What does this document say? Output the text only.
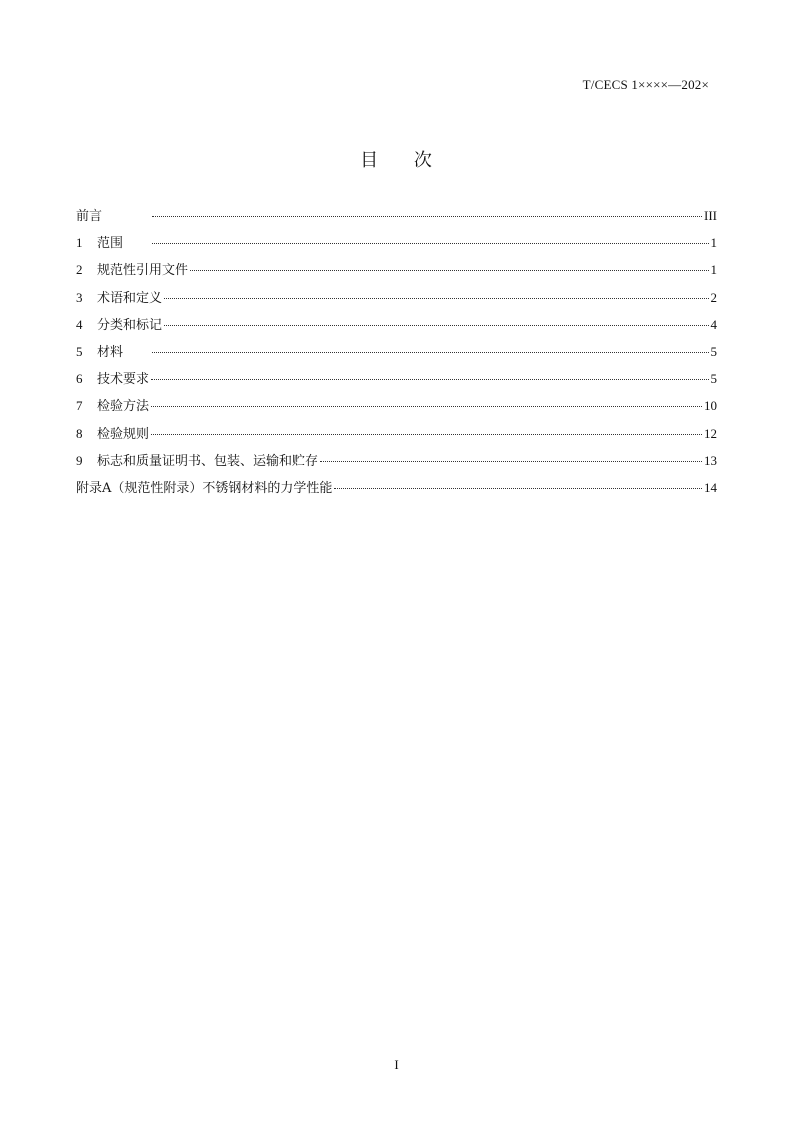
T/CECS 1××××—202×
目 次
前言	III
1	范围	1
2	规范性引用文件	1
3	术语和定义	2
4	分类和标记	4
5	材料	5
6	技术要求	5
7	检验方法	10
8	检验规则	12
9	标志和质量证明书、包装、运输和贮存	13
附录A（规范性附录）不锈钢材料的力学性能	14
I
